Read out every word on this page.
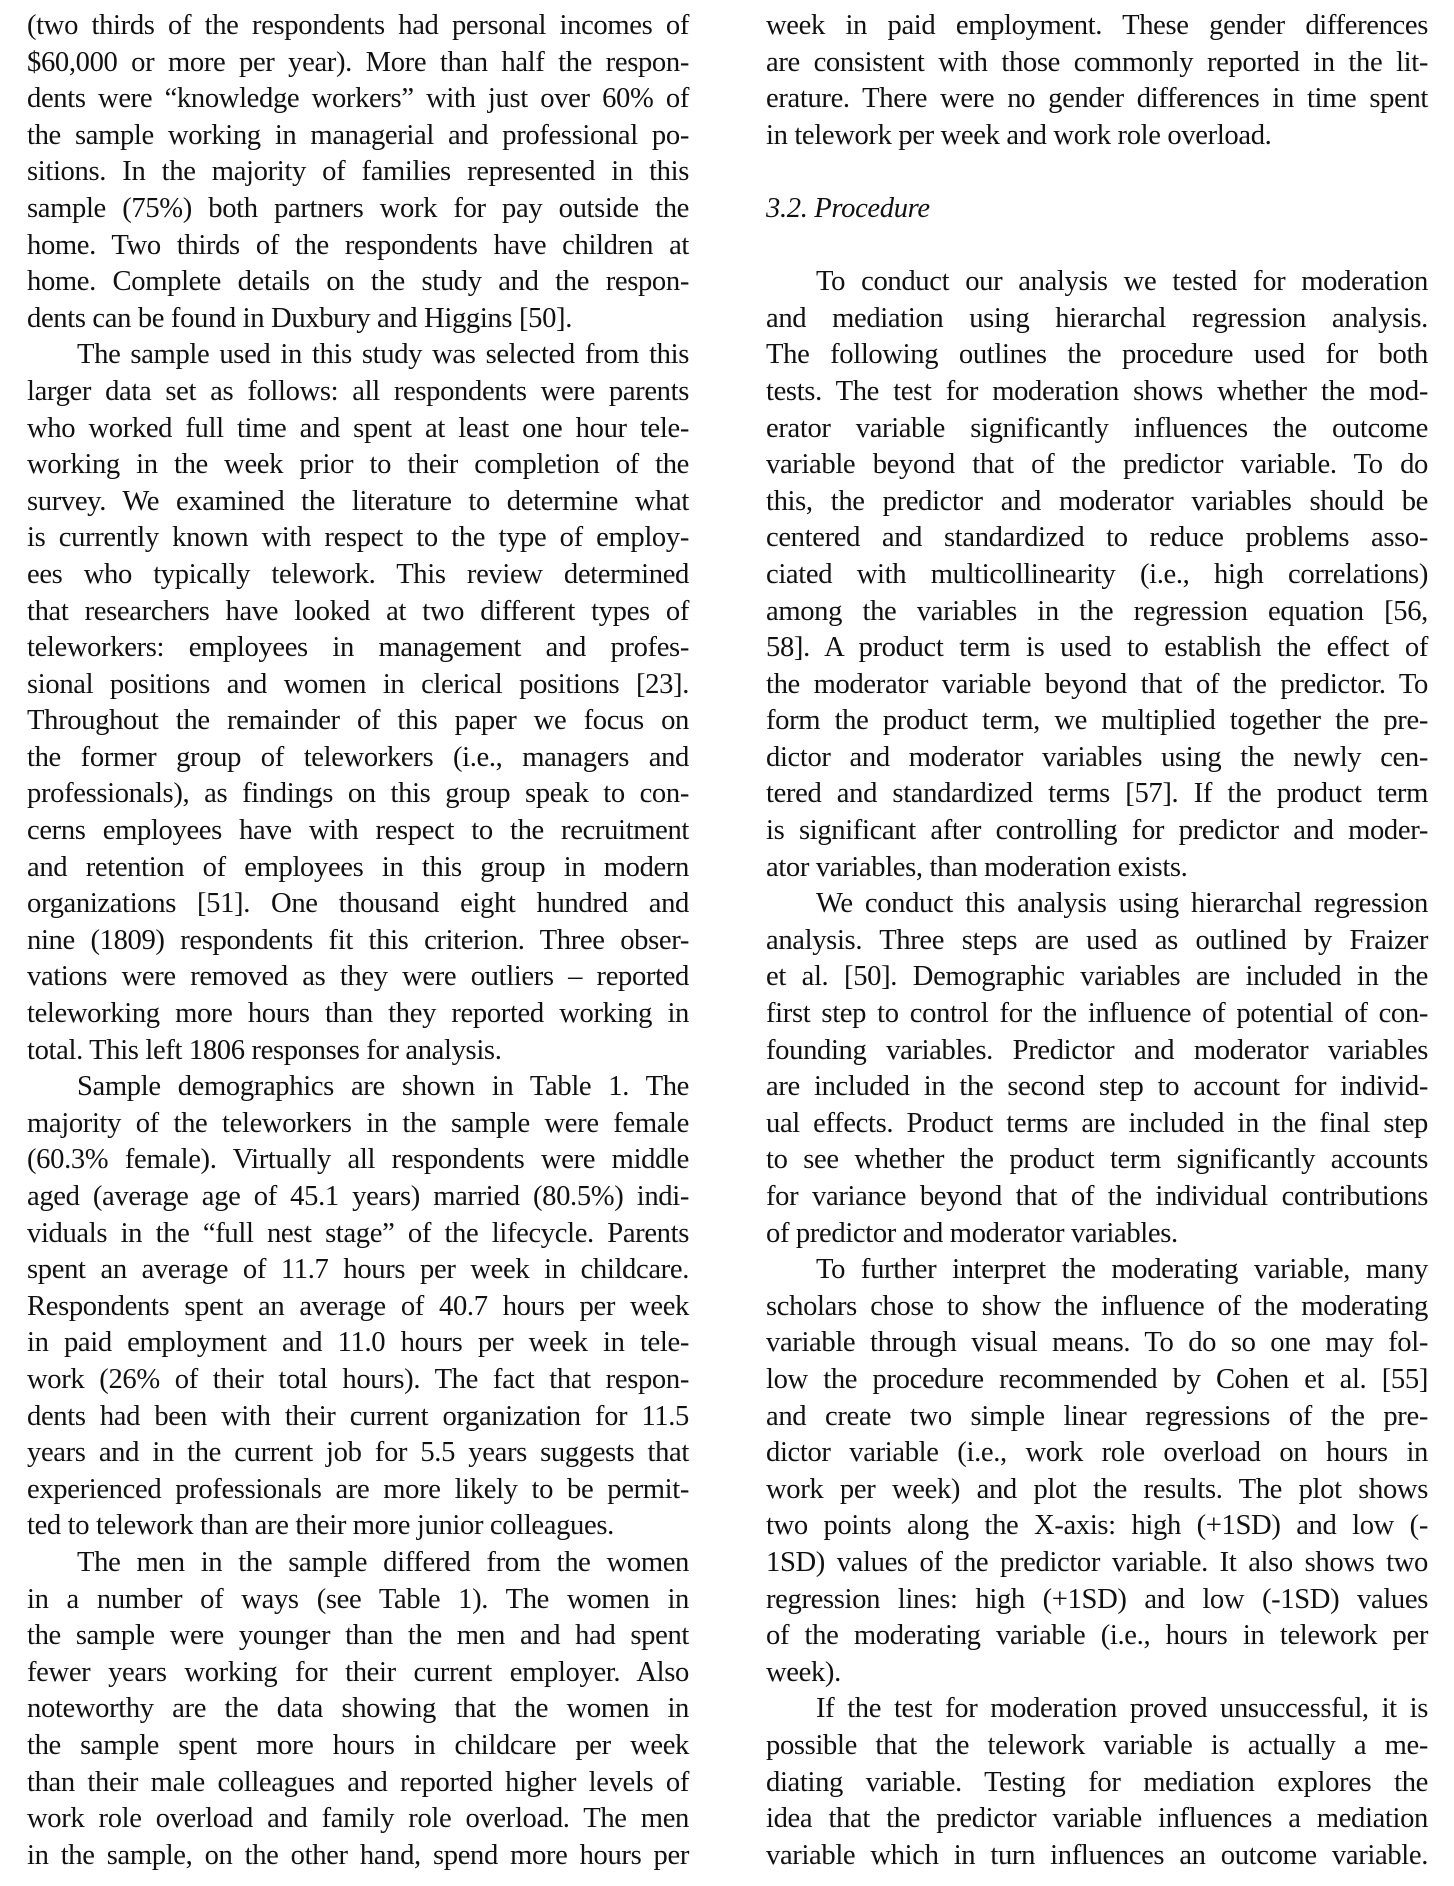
(two thirds of the respondents had personal incomes of
$60,000 or more per year). More than half the respon-
dents were “knowledge workers” with just over 60% of
the sample working in managerial and professional po-
sitions. In the majority of families represented in this
sample (75%) both partners work for pay outside the
home. Two thirds of the respondents have children at
home. Complete details on the study and the respon-
dents can be found in Duxbury and Higgins [50].
The sample used in this study was selected from this
larger data set as follows: all respondents were parents
who worked full time and spent at least one hour tele-
working in the week prior to their completion of the
survey. We examined the literature to determine what
is currently known with respect to the type of employ-
ees who typically telework. This review determined
that researchers have looked at two different types of
teleworkers: employees in management and profes-
sional positions and women in clerical positions [23].
Throughout the remainder of this paper we focus on
the former group of teleworkers (i.e., managers and
professionals), as findings on this group speak to con-
cerns employees have with respect to the recruitment
and retention of employees in this group in modern
organizations [51]. One thousand eight hundred and
nine (1809) respondents fit this criterion. Three obser-
vations were removed as they were outliers – reported
teleworking more hours than they reported working in
total. This left 1806 responses for analysis.
Sample demographics are shown in Table 1. The
majority of the teleworkers in the sample were female
(60.3% female). Virtually all respondents were middle
aged (average age of 45.1 years) married (80.5%) indi-
viduals in the “full nest stage” of the lifecycle. Parents
spent an average of 11.7 hours per week in childcare.
Respondents spent an average of 40.7 hours per week
in paid employment and 11.0 hours per week in tele-
work (26% of their total hours). The fact that respon-
dents had been with their current organization for 11.5
years and in the current job for 5.5 years suggests that
experienced professionals are more likely to be permit-
ted to telework than are their more junior colleagues.
The men in the sample differed from the women
in a number of ways (see Table 1). The women in
the sample were younger than the men and had spent
fewer years working for their current employer. Also
noteworthy are the data showing that the women in
the sample spent more hours in childcare per week
than their male colleagues and reported higher levels of
work role overload and family role overload. The men
in the sample, on the other hand, spend more hours per
week in paid employment. These gender differences
are consistent with those commonly reported in the lit-
erature. There were no gender differences in time spent
in telework per week and work role overload.
3.2. Procedure
To conduct our analysis we tested for moderation
and mediation using hierarchal regression analysis.
The following outlines the procedure used for both
tests. The test for moderation shows whether the mod-
erator variable significantly influences the outcome
variable beyond that of the predictor variable. To do
this, the predictor and moderator variables should be
centered and standardized to reduce problems asso-
ciated with multicollinearity (i.e., high correlations)
among the variables in the regression equation [56,
58]. A product term is used to establish the effect of
the moderator variable beyond that of the predictor. To
form the product term, we multiplied together the pre-
dictor and moderator variables using the newly cen-
tered and standardized terms [57]. If the product term
is significant after controlling for predictor and moder-
ator variables, than moderation exists.
We conduct this analysis using hierarchal regression
analysis. Three steps are used as outlined by Fraizer
et al. [50]. Demographic variables are included in the
first step to control for the influence of potential of con-
founding variables. Predictor and moderator variables
are included in the second step to account for individ-
ual effects. Product terms are included in the final step
to see whether the product term significantly accounts
for variance beyond that of the individual contributions
of predictor and moderator variables.
To further interpret the moderating variable, many
scholars chose to show the influence of the moderating
variable through visual means. To do so one may fol-
low the procedure recommended by Cohen et al. [55]
and create two simple linear regressions of the pre-
dictor variable (i.e., work role overload on hours in
work per week) and plot the results. The plot shows
two points along the X-axis: high (+1SD) and low (-
1SD) values of the predictor variable. It also shows two
regression lines: high (+1SD) and low (-1SD) values
of the moderating variable (i.e., hours in telework per
week).
If the test for moderation proved unsuccessful, it is
possible that the telework variable is actually a me-
diating variable. Testing for mediation explores the
idea that the predictor variable influences a mediation
variable which in turn influences an outcome variable.
